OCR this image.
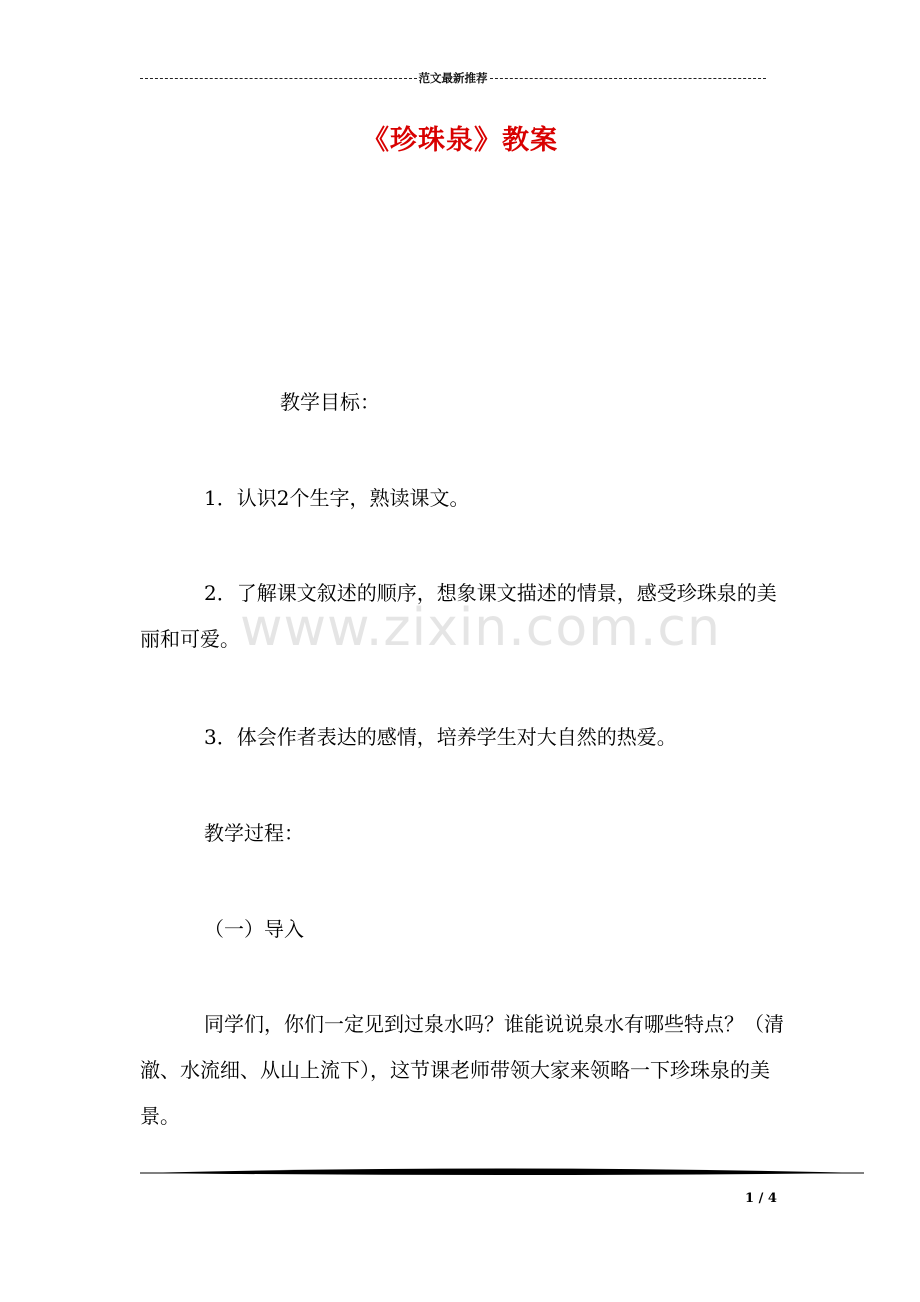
范文最新推荐
《珍珠泉》教案
www.zixin.com.cn

教学目标：

1．认识2个生字，熟读课文。

2．了解课文叙述的顺序，想象课文描述的情景，感受珍珠泉的美丽和可爱。

3．体会作者表达的感情，培养学生对大自然的热爱。

教学过程：

（一）导入

同学们，你们一定见到过泉水吗？谁能说说泉水有哪些特点？（清澈、水流细、从山上流下），这节课老师带领大家来领略一下珍珠泉的美景。

1 / 4
